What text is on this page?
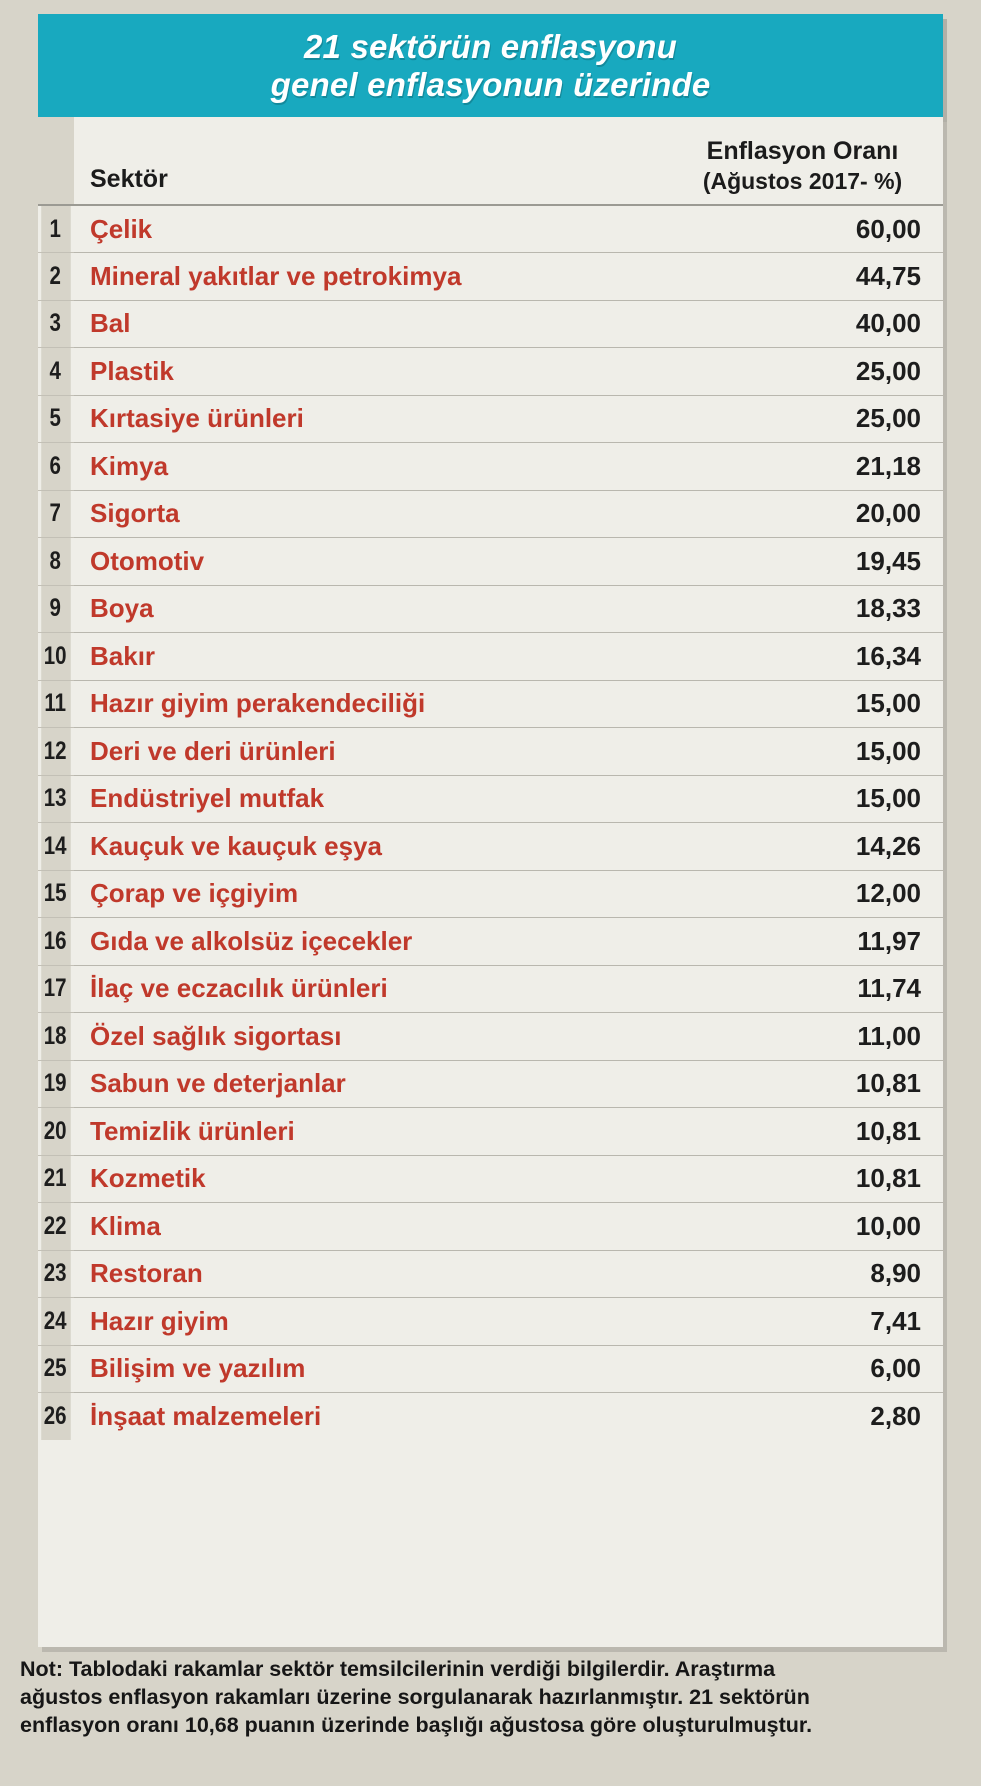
21 sektörün enflasyonu
genel enflasyonun üzerinde
	Sektör	Enflasyon Oranı
(Ağustos 2017- %)

1	Çelik	60,00
2	Mineral yakıtlar ve petrokimya	44,75
3	Bal	40,00
4	Plastik	25,00
5	Kırtasiye ürünleri	25,00
6	Kimya	21,18
7	Sigorta	20,00
8	Otomotiv	19,45
9	Boya	18,33
10	Bakır	16,34
11	Hazır giyim perakendeciliği	15,00
12	Deri ve deri ürünleri	15,00
13	Endüstriyel mutfak	15,00
14	Kauçuk ve kauçuk eşya	14,26
15	Çorap ve içgiyim	12,00
16	Gıda ve alkolsüz içecekler	11,97
17	İlaç ve eczacılık ürünleri	11,74
18	Özel sağlık sigortası	11,00
19	Sabun ve deterjanlar	10,81
20	Temizlik ürünleri	10,81
21	Kozmetik	10,81
22	Klima	10,00
23	Restoran	8,90
24	Hazır giyim	7,41
25	Bilişim ve yazılım	6,00
26	İnşaat malzemeleri	2,80
Not: Tablodaki rakamlar sektör temsilcilerinin verdiği bilgilerdir. Araştırma
ağustos enflasyon rakamları üzerine sorgulanarak hazırlanmıştır. 21 sektörün
enflasyon oranı 10,68 puanın üzerinde başlığı ağustosa göre oluşturulmuştur.
